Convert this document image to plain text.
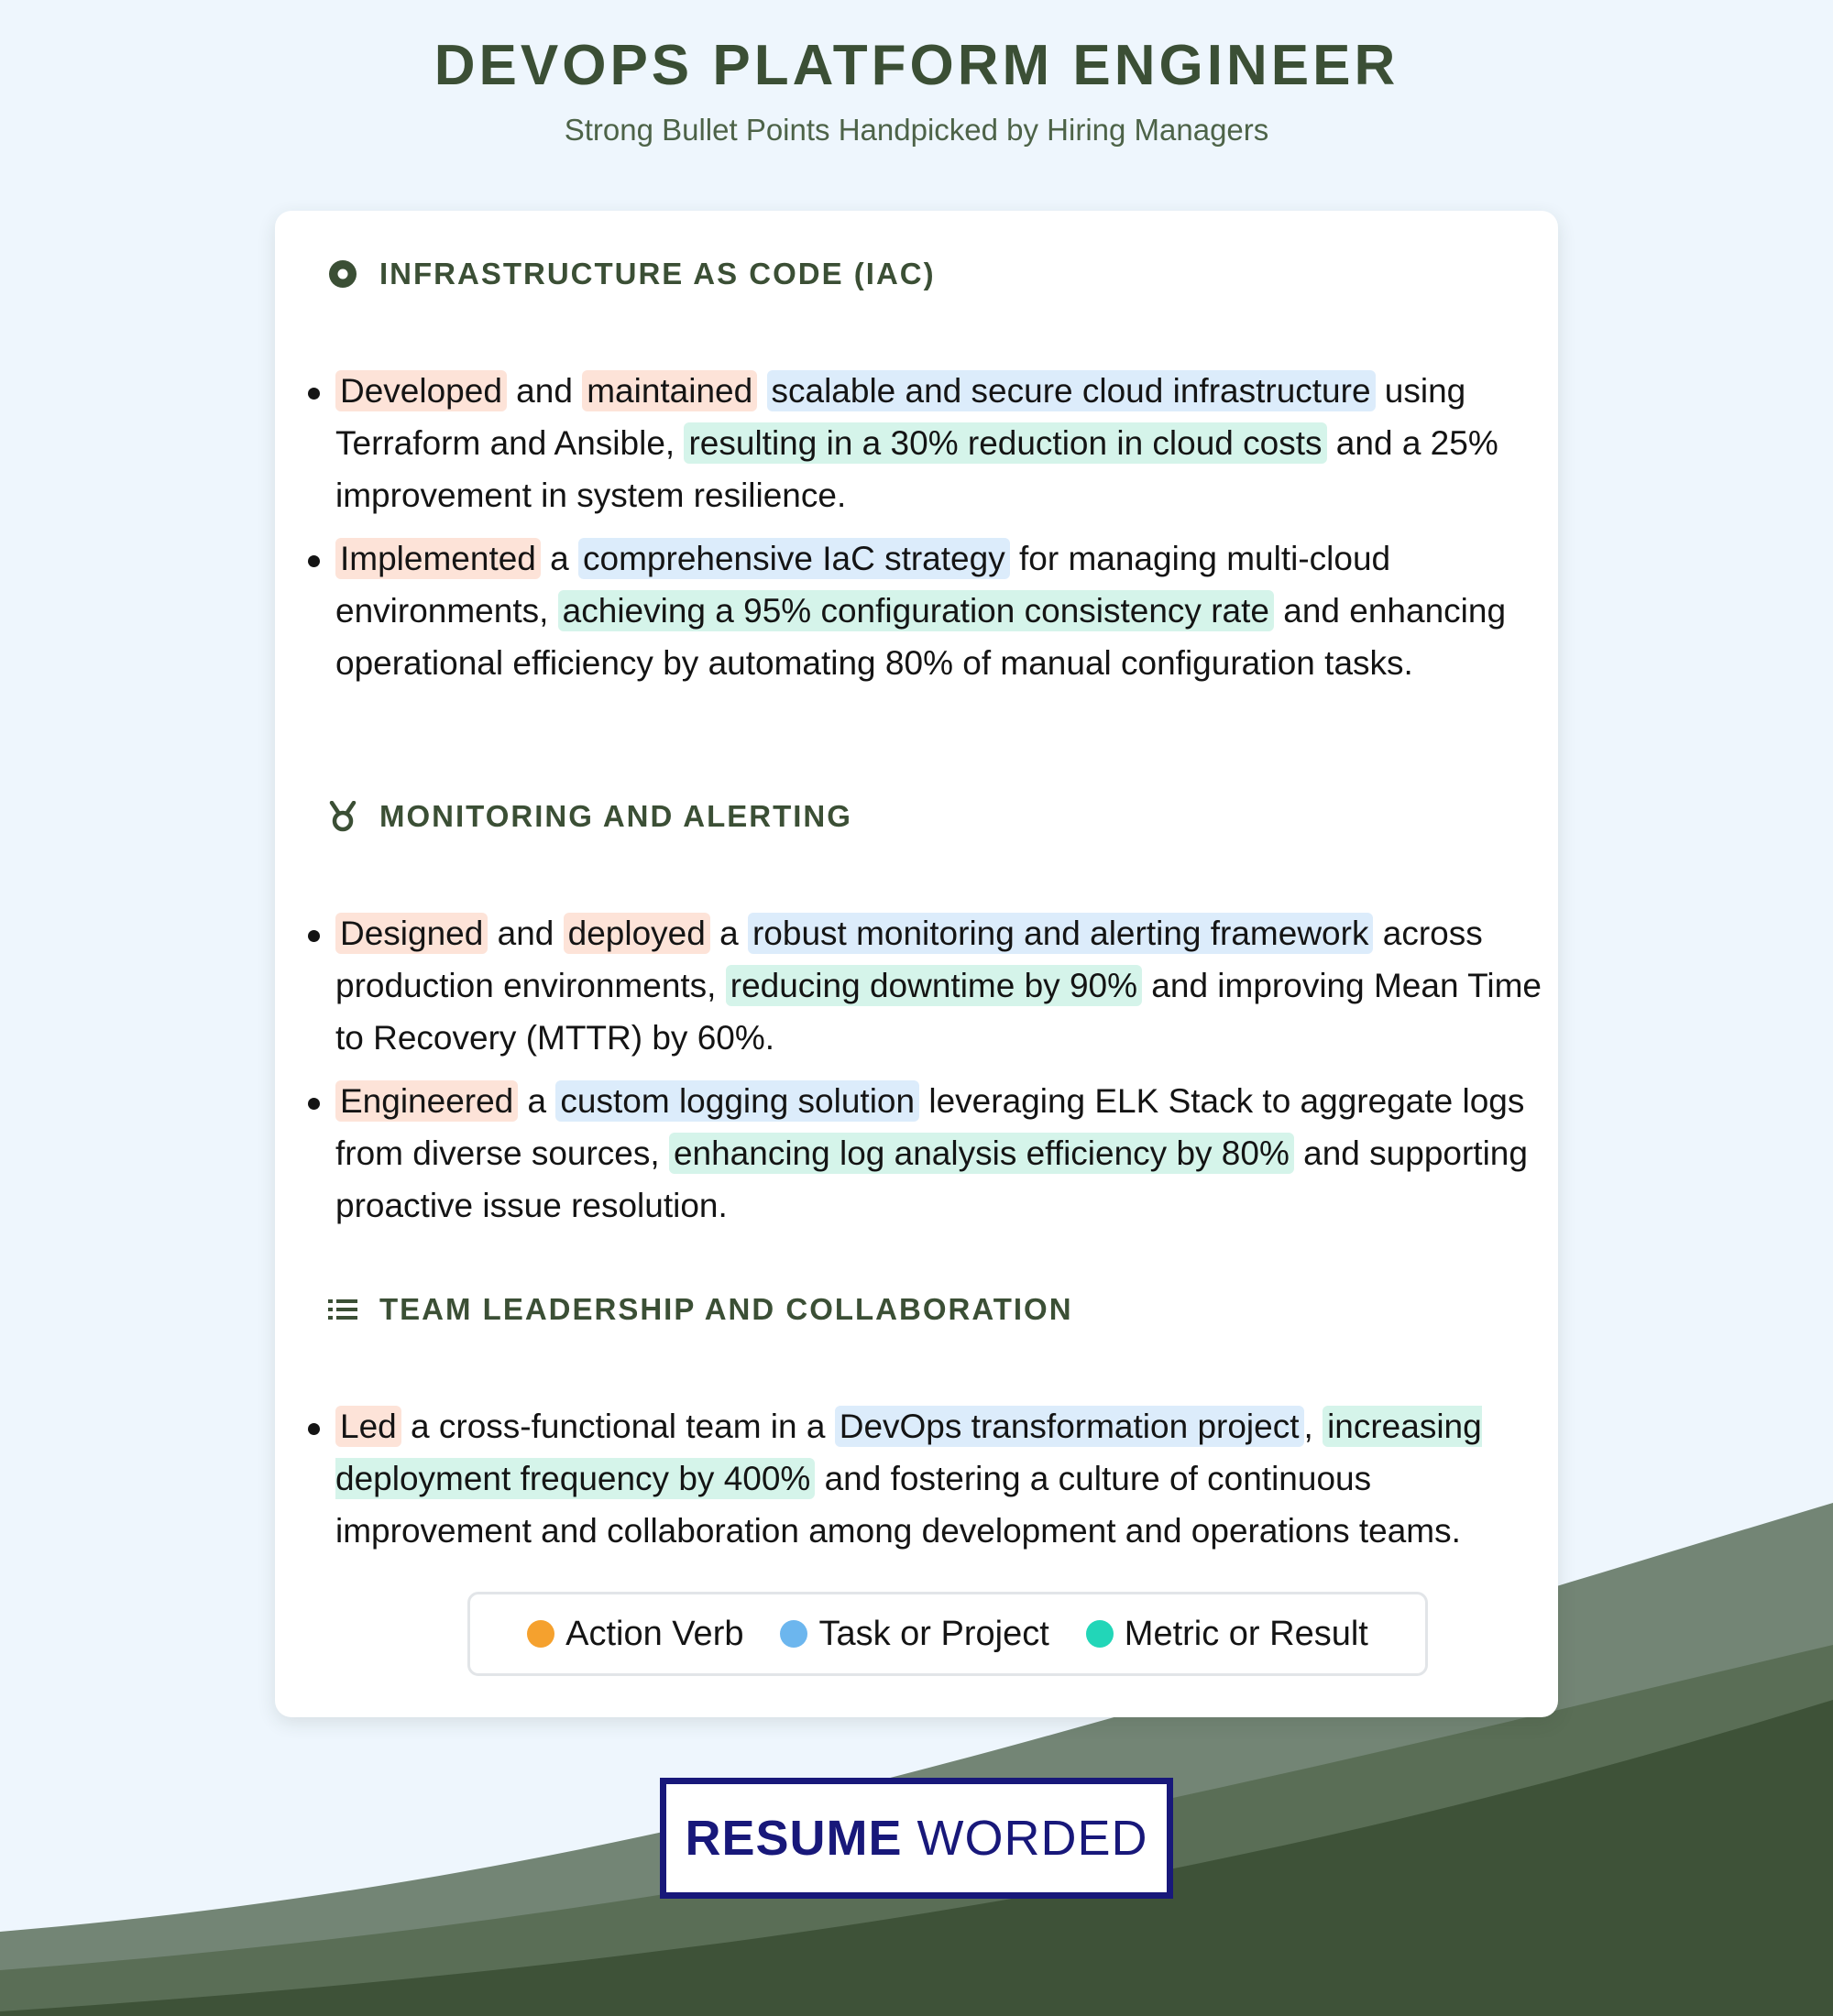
DEVOPS PLATFORM ENGINEER
Strong Bullet Points Handpicked by Hiring Managers
INFRASTRUCTURE AS CODE (IAC)
Developed and maintained scalable and secure cloud infrastructure using Terraform and Ansible, resulting in a 30% reduction in cloud costs and a 25% improvement in system resilience.
Implemented a comprehensive IaC strategy for managing multi-cloud environments, achieving a 95% configuration consistency rate and enhancing operational efficiency by automating 80% of manual configuration tasks.
MONITORING AND ALERTING
Designed and deployed a robust monitoring and alerting framework across production environments, reducing downtime by 90% and improving Mean Time to Recovery (MTTR) by 60%.
Engineered a custom logging solution leveraging ELK Stack to aggregate logs from diverse sources, enhancing log analysis efficiency by 80% and supporting proactive issue resolution.
TEAM LEADERSHIP AND COLLABORATION
Led a cross-functional team in a DevOps transformation project , increasing deployment frequency by 400% and fostering a culture of continuous improvement and collaboration among development and operations teams.
Action Verb Task or Project Metric or Result
RESUME WORDED
